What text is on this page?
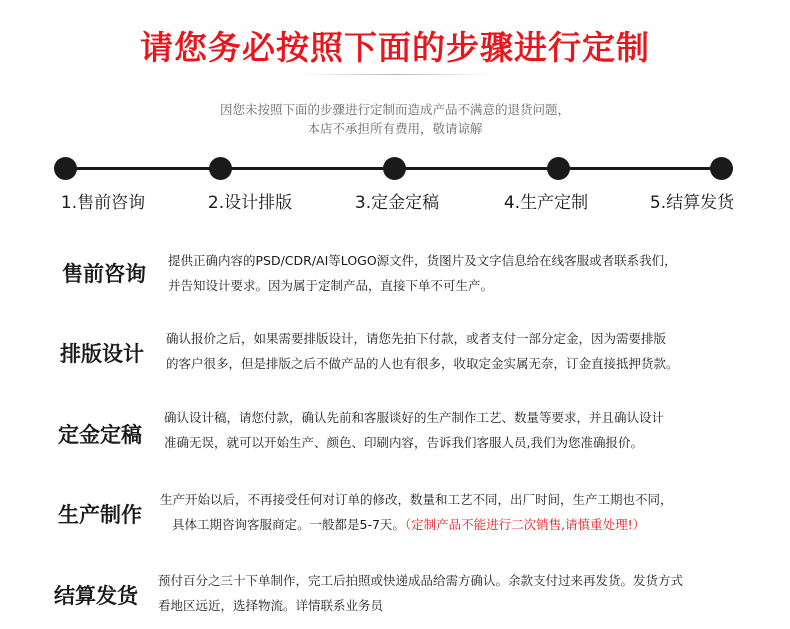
请您务必按照下面的步骤进行定制
因您未按照下面的步骤进行定制而造成产品不满意的退货问题，
本店不承担所有费用，敬请谅解
1.售前咨询	2.设计排版	3.定金定稿	4.生产定制	5.结算发货
售前咨询
提供正确内容的PSD/CDR/AI等LOGO源文件，货图片及文字信息给在线客服或者联系我们，
并告知设计要求。因为属于定制产品，直接下单不可生产。
排版设计
确认报价之后，如果需要排版设计，请您先拍下付款，或者支付一部分定金，因为需要排版
的客户很多，但是排版之后不做产品的人也有很多，收取定金实属无奈，订金直接抵押货款。
定金定稿
确认设计稿，请您付款，确认先前和客服谈好的生产制作工艺、数量等要求，并且确认设计
准确无误，就可以开始生产、颜色、印刷内容，告诉我们客服人员,我们为您准确报价。
生产制作
生产开始以后，不再接受任何对订单的修改，数量和工艺不同，出厂时间，生产工期也不同，
具体工期咨询客服商定。一般都是5-7天。（定制产品不能进行二次销售,请慎重处理!）
结算发货
预付百分之三十下单制作，完工后拍照或快递成品给需方确认。余款支付过来再发货。发货方式
看地区远近，选择物流。详情联系业务员
